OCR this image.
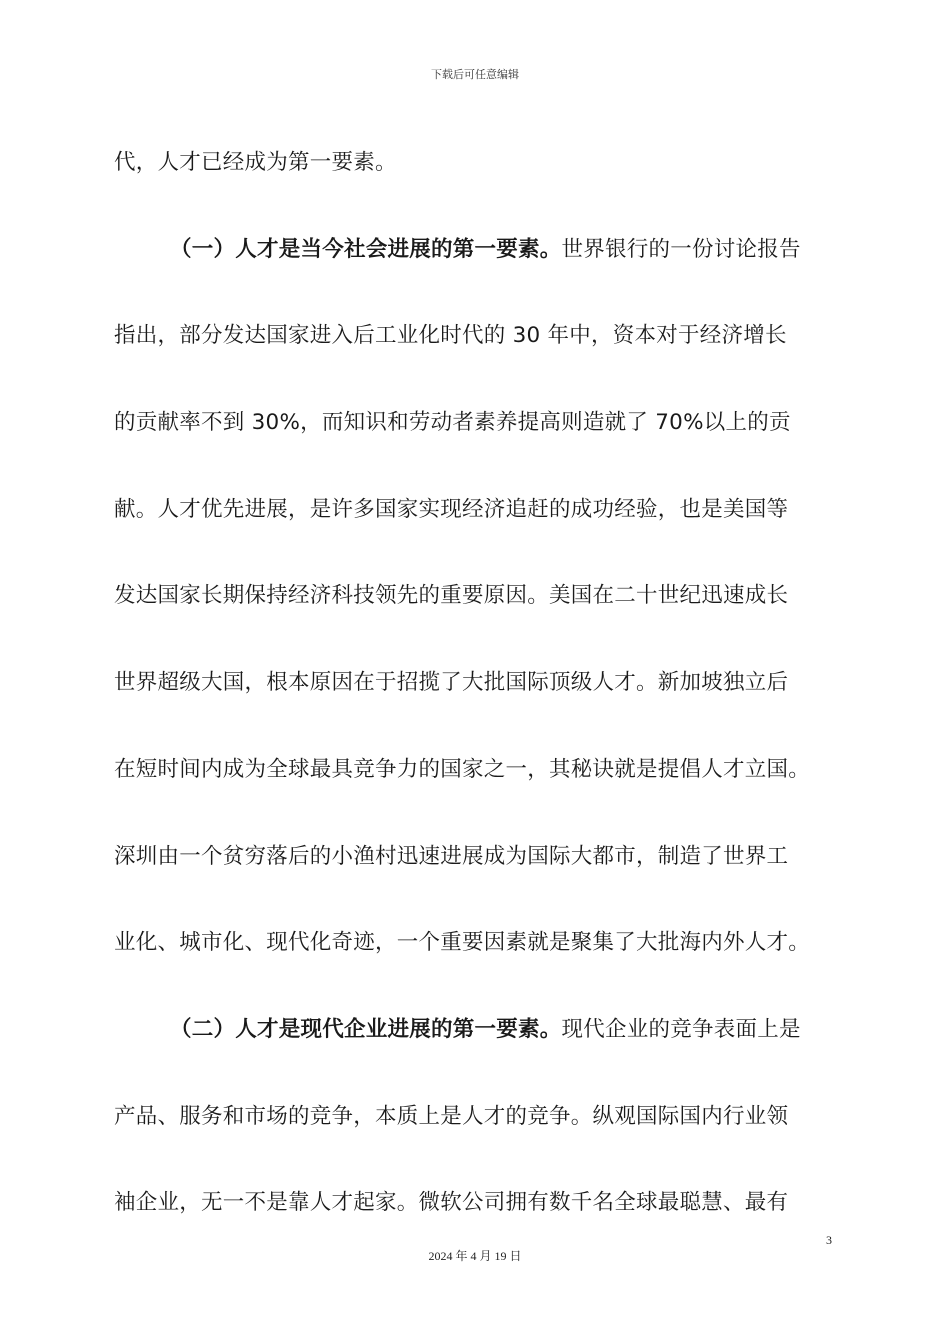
下载后可任意编辑
代，人才已经成为第一要素。
（一）人才是当今社会进展的第一要素。世界银行的一份讨论报告
指出，部分发达国家进入后工业化时代的 30 年中，资本对于经济增长
的贡献率不到 30%，而知识和劳动者素养提高则造就了 70%以上的贡
献。人才优先进展，是许多国家实现经济追赶的成功经验，也是美国等
发达国家长期保持经济科技领先的重要原因。美国在二十世纪迅速成长
世界超级大国，根本原因在于招揽了大批国际顶级人才。新加坡独立后
在短时间内成为全球最具竞争力的国家之一，其秘诀就是提倡人才立国。
深圳由一个贫穷落后的小渔村迅速进展成为国际大都市，制造了世界工
业化、城市化、现代化奇迹，一个重要因素就是聚集了大批海内外人才。
（二）人才是现代企业进展的第一要素。现代企业的竞争表面上是
产品、服务和市场的竞争，本质上是人才的竞争。纵观国际国内行业领
袖企业，无一不是靠人才起家。微软公司拥有数千名全球最聪慧、最有
3
2024 年 4 月 19 日
